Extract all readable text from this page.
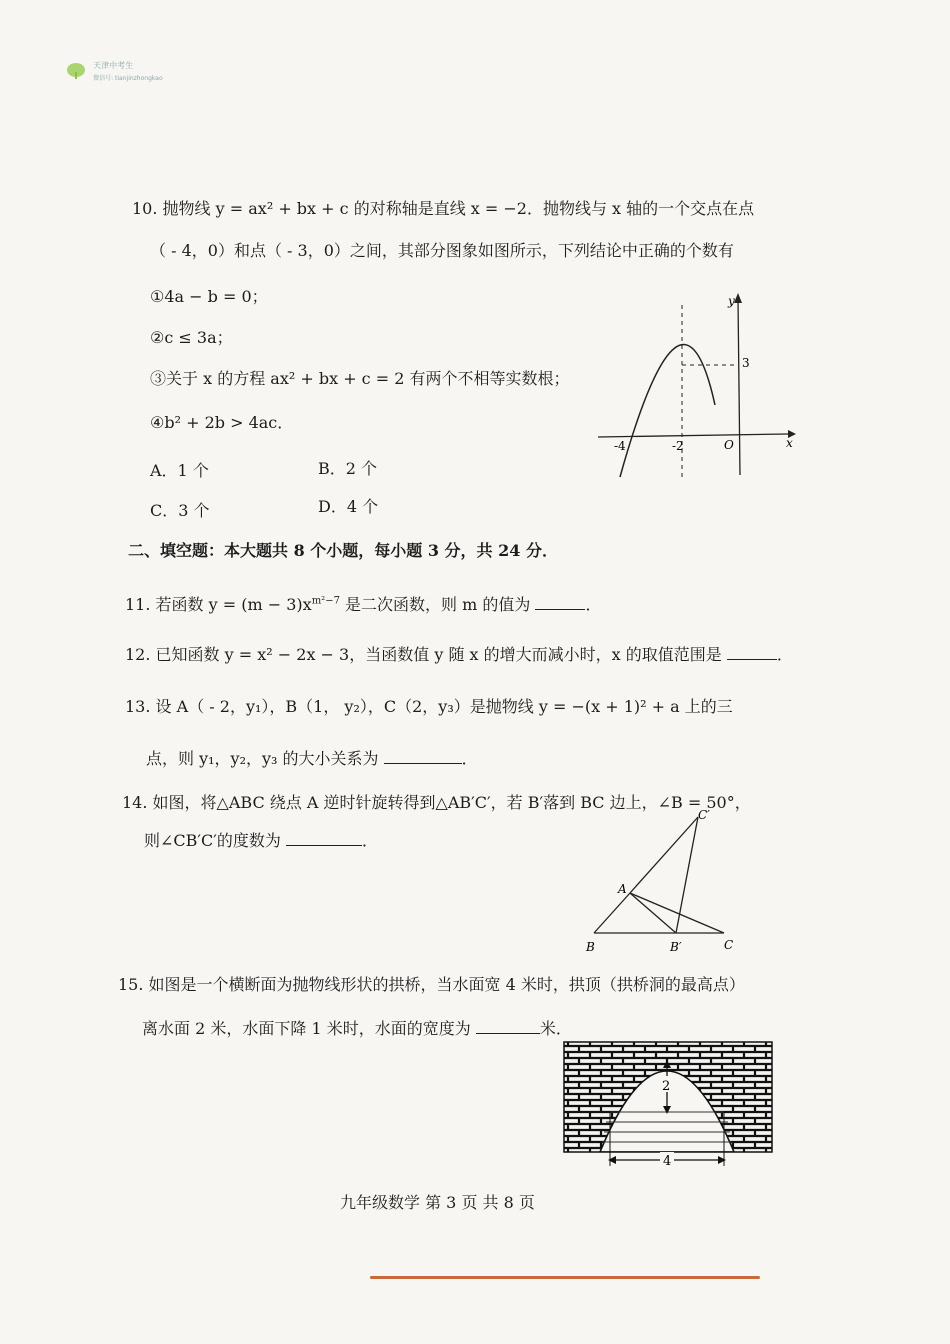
天津中考生
微信号: tianjinzhongkao
10. 抛物线 y = ax² + bx + c 的对称轴是直线 x = −2．抛物线与 x 轴的一个交点在点
（ - 4，0）和点（ - 3，0）之间，其部分图象如图所示，下列结论中正确的个数有
①4a − b = 0；
②c ≤ 3a；
③关于 x 的方程 ax² + bx + c = 2 有两个不相等实数根；
④b² + 2b > 4ac．
A．1 个	B．2 个
C．3 个	D．4 个
y
x
O
-4	-2
3
二、填空题：本大题共 8 个小题，每小题 3 分，共 24 分．
11. 若函数 $y = (m - 3)x^{m^2-7}$ 是二次函数，则 m 的值为	．
12. 已知函数 y = x² − 2x − 3，当函数值 y 随 x 的增大而减小时，x 的取值范围是	．
13. 设 A（ - 2，y₁），B（1， y₂），C（2，y₃）是抛物线 y = −(x + 1)² + a 上的三
点，则 y₁，y₂，y₃ 的大小关系为	．
14. 如图，将△ABC 绕点 A 逆时针旋转得到△AB′C′，若 B′落到 BC 边上，∠B = 50°，
则∠CB′C′的度数为	．
A
B	C
B′
C′
15. 如图是一个横断面为抛物线形状的拱桥，当水面宽 4 米时，拱顶（拱桥洞的最高点）
离水面 2 米，水面下降 1 米时，水面的宽度为	米．
2
4
九年级数学 第 3 页 共 8 页
